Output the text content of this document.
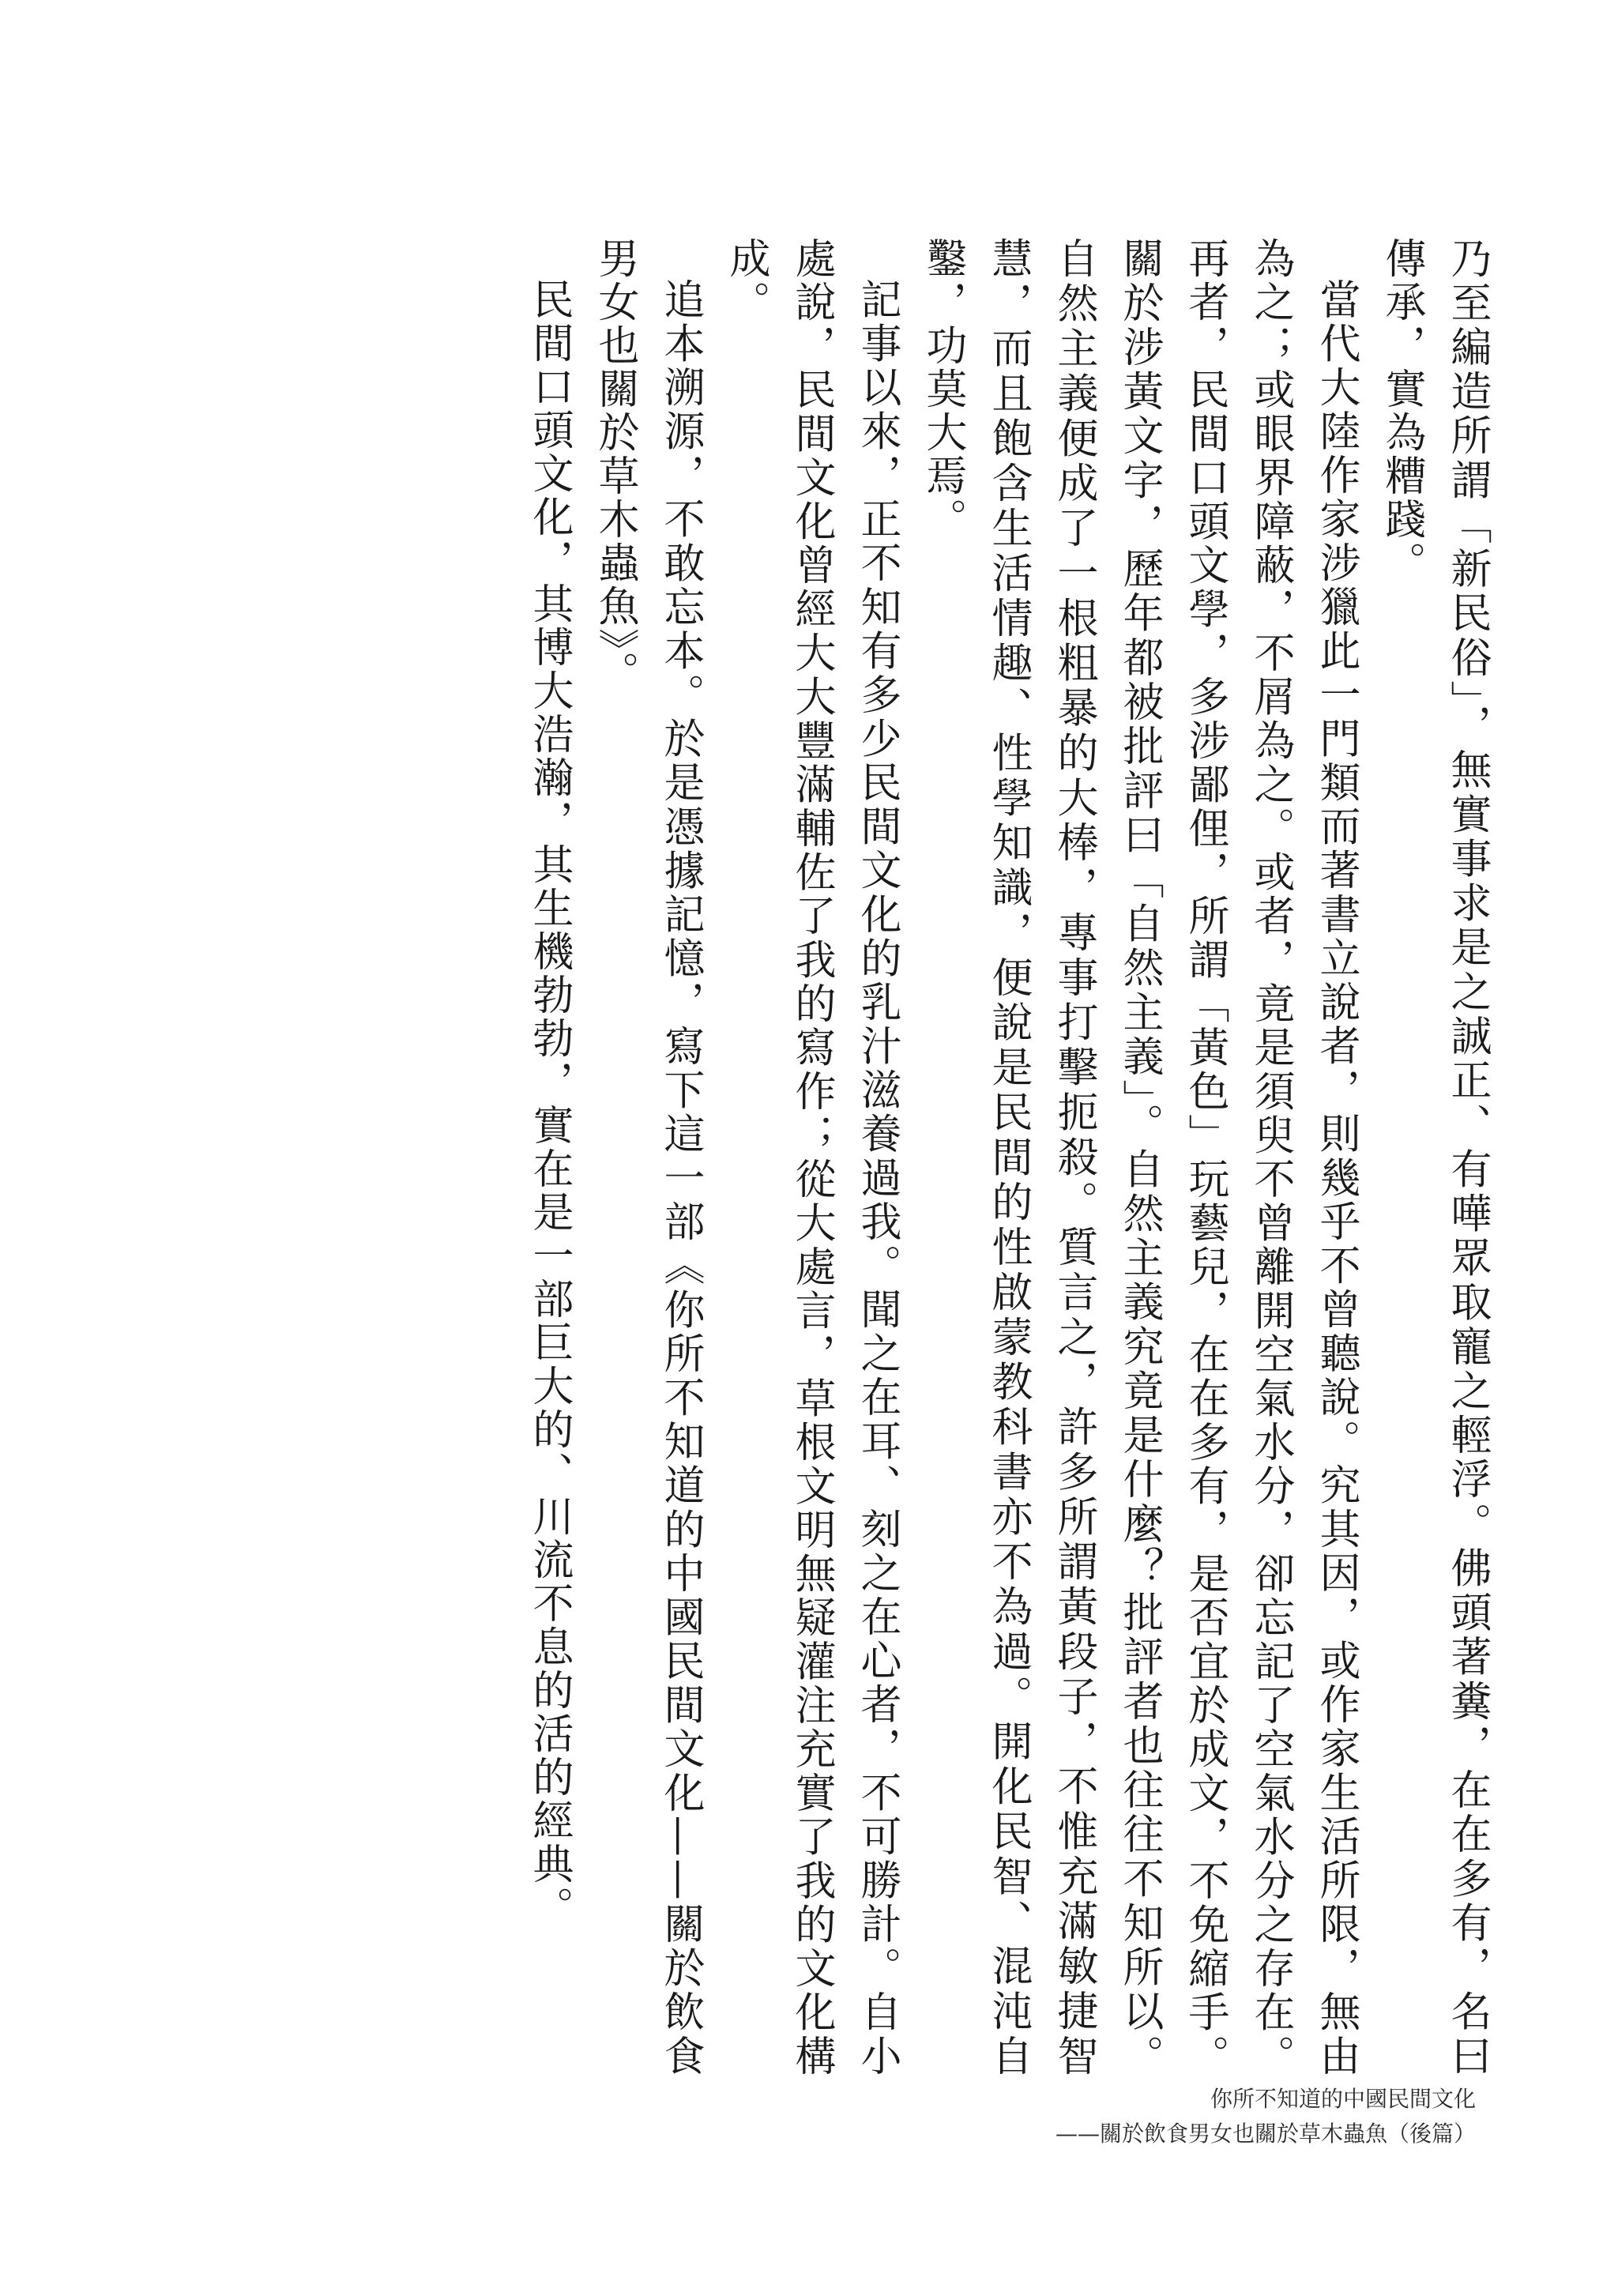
乃至編造所謂「新民俗」，無實事求是之誠正、有嘩眾取寵之輕浮。佛頭著糞，在在多有，名曰傳承，實為糟踐。

當代大陸作家涉獵此一門類而著書立說者，則幾乎不曾聽說。究其因，或作家生活所限，無由為之；或眼界障蔽，不屑為之。或者，竟是須臾不曾離開空氣水分，卻忘記了空氣水分之存在。再者，民間口頭文學，多涉鄙俚，所謂「黃色」玩藝兒，在在多有，是否宜於成文，不免縮手。關於涉黃文字，歷年都被批評曰「自然主義」。自然主義究竟是什麼？批評者也往往不知所以。自然主義便成了一根粗暴的大棒，專事打擊扼殺。質言之，許多所謂黃段子，不惟充滿敏捷智慧，而且飽含生活情趣、性學知識，便說是民間的性啟蒙教科書亦不為過。開化民智、混沌自鑿，功莫大焉。

記事以來，正不知有多少民間文化的乳汁滋養過我。聞之在耳、刻之在心者，不可勝計。自小處說，民間文化曾經大大豐滿輔佐了我的寫作；從大處言，草根文明無疑灌注充實了我的文化構成。

追本溯源，不敢忘本。於是憑據記憶，寫下這一部《你所不知道的中國民間文化——關於飲食男女也關於草木蟲魚》。

民間口頭文化，其博大浩瀚，其生機勃勃，實在是一部巨大的、川流不息的活的經典。

你所不知道的中國民間文化
——關於飲食男女也關於草木蟲魚（後篇）
